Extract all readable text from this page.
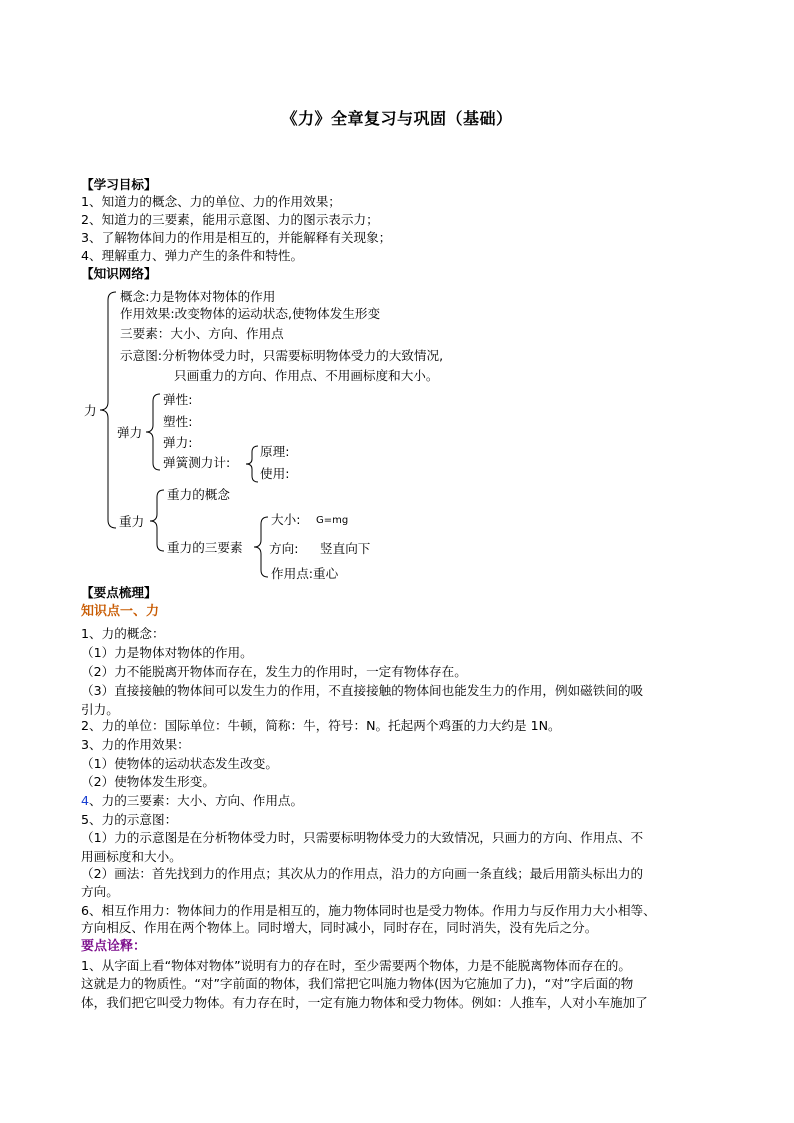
《力》全章复习与巩固（基础）
【学习目标】
1、知道力的概念、力的单位、力的作用效果；
2、知道力的三要素，能用示意图、力的图示表示力；
3、了解物体间力的作用是相互的，并能解释有关现象；
4、理解重力、弹力产生的条件和特性。
【知识网络】
力
概念:力是物体对物体的作用
作用效果:改变物体的运动状态,使物体发生形变
三要素：大小、方向、作用点
示意图:分析物体受力时，只需要标明物体受力的大致情况,
只画重力的方向、作用点、不用画标度和大小。
弹力
弹性:
塑性:
弹力:
弹簧测力计:
原理:
使用:
重力
重力的概念
重力的三要素
大小: G=mg
方向: 竖直向下
作用点:重心
【要点梳理】
知识点一、力
1、力的概念：
（1）力是物体对物体的作用。
（2）力不能脱离开物体而存在，发生力的作用时，一定有物体存在。
（3）直接接触的物体间可以发生力的作用，不直接接触的物体间也能发生力的作用，例如磁铁间的吸
引力。
2、力的单位：国际单位：牛顿，简称：牛，符号：N。托起两个鸡蛋的力大约是 1N。
3、力的作用效果：
（1）使物体的运动状态发生改变。
（2）使物体发生形变。
4、力的三要素：大小、方向、作用点。
5、力的示意图：
（1）力的示意图是在分析物体受力时，只需要标明物体受力的大致情况，只画力的方向、作用点、不
用画标度和大小。
（2）画法：首先找到力的作用点；其次从力的作用点，沿力的方向画一条直线；最后用箭头标出力的
方向。
6、相互作用力：物体间力的作用是相互的，施力物体同时也是受力物体。作用力与反作用力大小相等、
方向相反、作用在两个物体上。同时增大，同时减小，同时存在，同时消失，没有先后之分。
要点诠释：
1、从字面上看“物体对物体”说明有力的存在时，至少需要两个物体，力是不能脱离物体而存在的。
这就是力的物质性。“对”字前面的物体，我们常把它叫施力物体(因为它施加了力)，“对”字后面的物
体，我们把它叫受力物体。有力存在时，一定有施力物体和受力物体。例如：人推车，人对小车施加了
